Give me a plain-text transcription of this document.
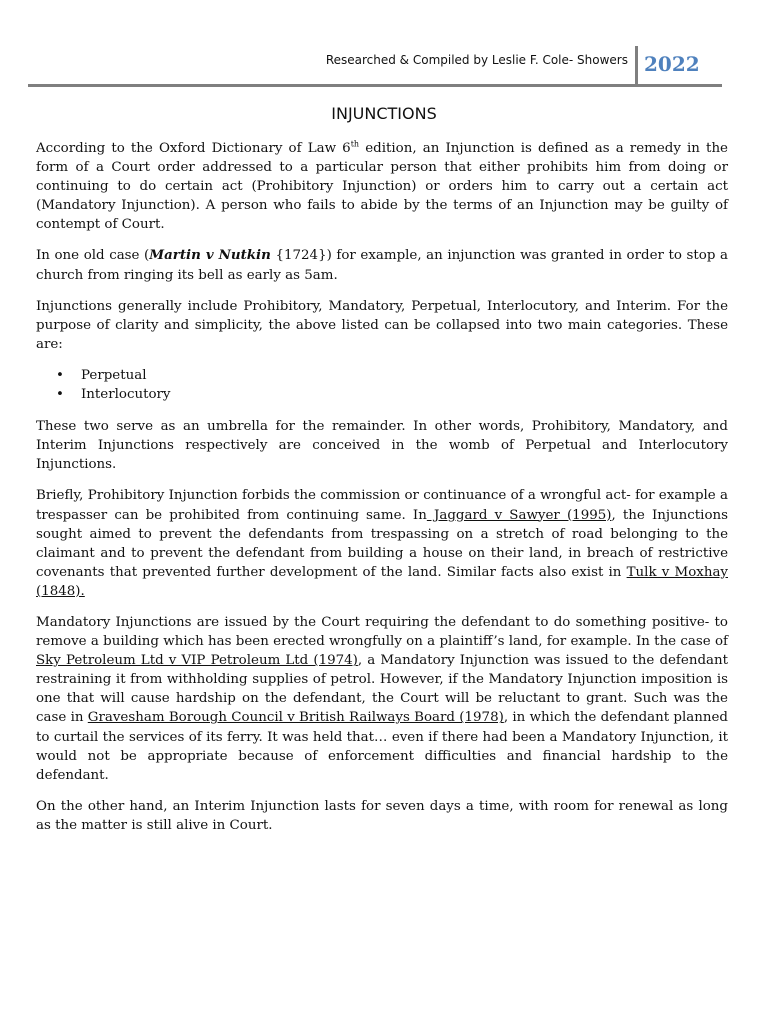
Researched & Compiled by Leslie F. Cole- Showers 2022
INJUNCTIONS

According to the Oxford Dictionary of Law 6th edition, an Injunction is defined as a remedy in the form of a Court order addressed to a particular person that either prohibits him from doing or continuing to do certain act (Prohibitory Injunction) or orders him to carry out a certain act (Mandatory Injunction). A person who fails to abide by the terms of an Injunction may be guilty of contempt of Court.

In one old case (Martin v Nutkin {1724}) for example, an injunction was granted in order to stop a church from ringing its bell as early as 5am.

Injunctions generally include Prohibitory, Mandatory, Perpetual, Interlocutory, and Interim. For the purpose of clarity and simplicity, the above listed can be collapsed into two main categories. These are:

• Perpetual
• Interlocutory

These two serve as an umbrella for the remainder. In other words, Prohibitory, Mandatory, and Interim Injunctions respectively are conceived in the womb of Perpetual and Interlocutory Injunctions.

Briefly, Prohibitory Injunction forbids the commission or continuance of a wrongful act- for example a trespasser can be prohibited from continuing same. In Jaggard v Sawyer (1995), the Injunctions sought aimed to prevent the defendants from trespassing on a stretch of road belonging to the claimant and to prevent the defendant from building a house on their land, in breach of restrictive covenants that prevented further development of the land. Similar facts also exist in Tulk v Moxhay (1848).

Mandatory Injunctions are issued by the Court requiring the defendant to do something positive- to remove a building which has been erected wrongfully on a plaintiff’s land, for example. In the case of Sky Petroleum Ltd v VIP Petroleum Ltd (1974), a Mandatory Injunction was issued to the defendant restraining it from withholding supplies of petrol. However, if the Mandatory Injunction imposition is one that will cause hardship on the defendant, the Court will be reluctant to grant. Such was the case in Gravesham Borough Council v British Railways Board (1978), in which the defendant planned to curtail the services of its ferry. It was held that… even if there had been a Mandatory Injunction, it would not be appropriate because of enforcement difficulties and financial hardship to the defendant.

On the other hand, an Interim Injunction lasts for seven days a time, with room for renewal as long as the matter is still alive in Court.
